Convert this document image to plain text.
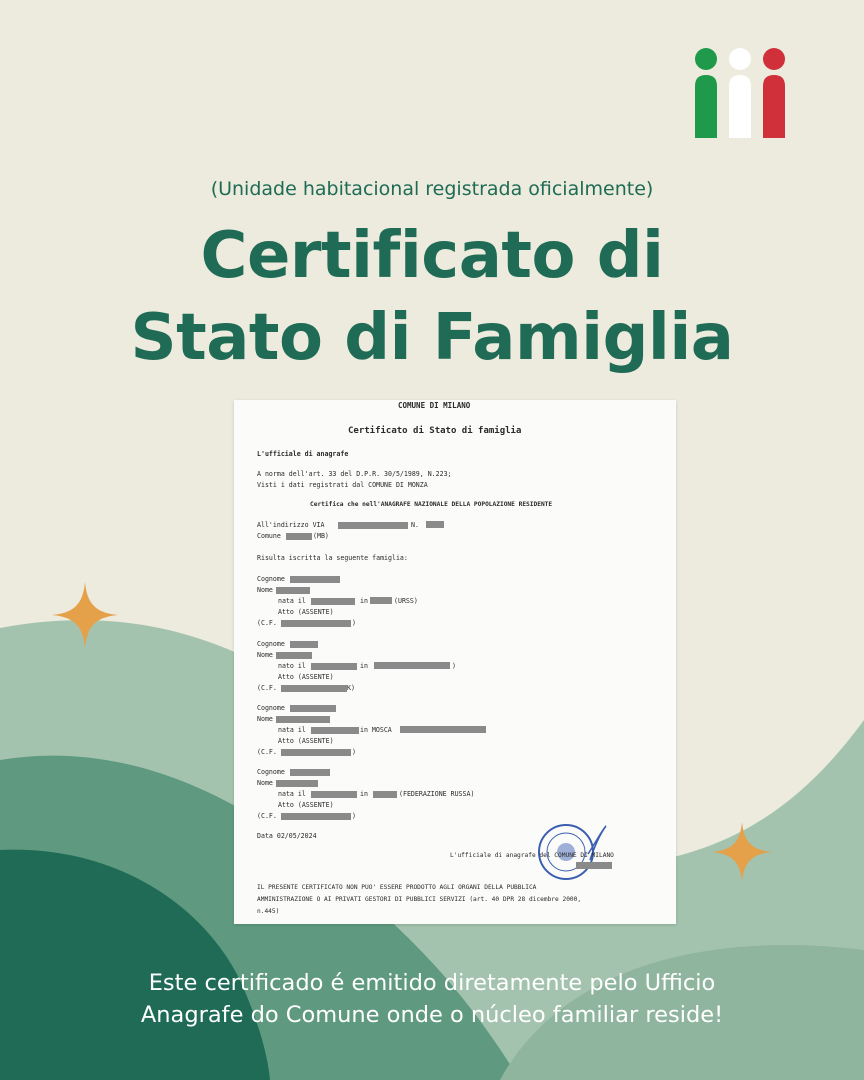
(Unidade habitacional registrada oficialmente)
Certificato di
Stato di Famiglia
COMUNE DI MILANO
Certificato di Stato di famiglia
L'ufficiale di anagrafe
A norma dell'art. 33 del D.P.R. 30/5/1989, N.223;
Visti i dati registrati dal COMUNE DI MONZA
Certifica che nell'ANAGRAFE NAZIONALE DELLA POPOLAZIONE RESIDENTE
All'indirizzo VIA	N.
Comune	(MB)
Risulta iscritta la seguente famiglia:
Cognome
Nome
nata il	in	(URSS)
Atto (ASSENTE)
(C.F.	)
Cognome
Nome
nato il	in	)
Atto (ASSENTE)
(C.F.	K)
Cognome
Nome
nata il	in MOSCA
Atto (ASSENTE)
(C.F.	)
Cognome
Nome
nata il	in	(FEDERAZIONE RUSSA)
Atto (ASSENTE)
(C.F.	)
Data 02/05/2024
L'ufficiale di anagrafe del COMUNE DI MILANO
IL PRESENTE CERTIFICATO NON PUO' ESSERE PRODOTTO AGLI ORGANI DELLA PUBBLICA
AMMINISTRAZIONE O AI PRIVATI GESTORI DI PUBBLICI SERVIZI (art. 40 DPR 28 dicembre 2000,
n.445)
Este certificado é emitido diretamente pelo Ufficio
Anagrafe do Comune onde o núcleo familiar reside!
